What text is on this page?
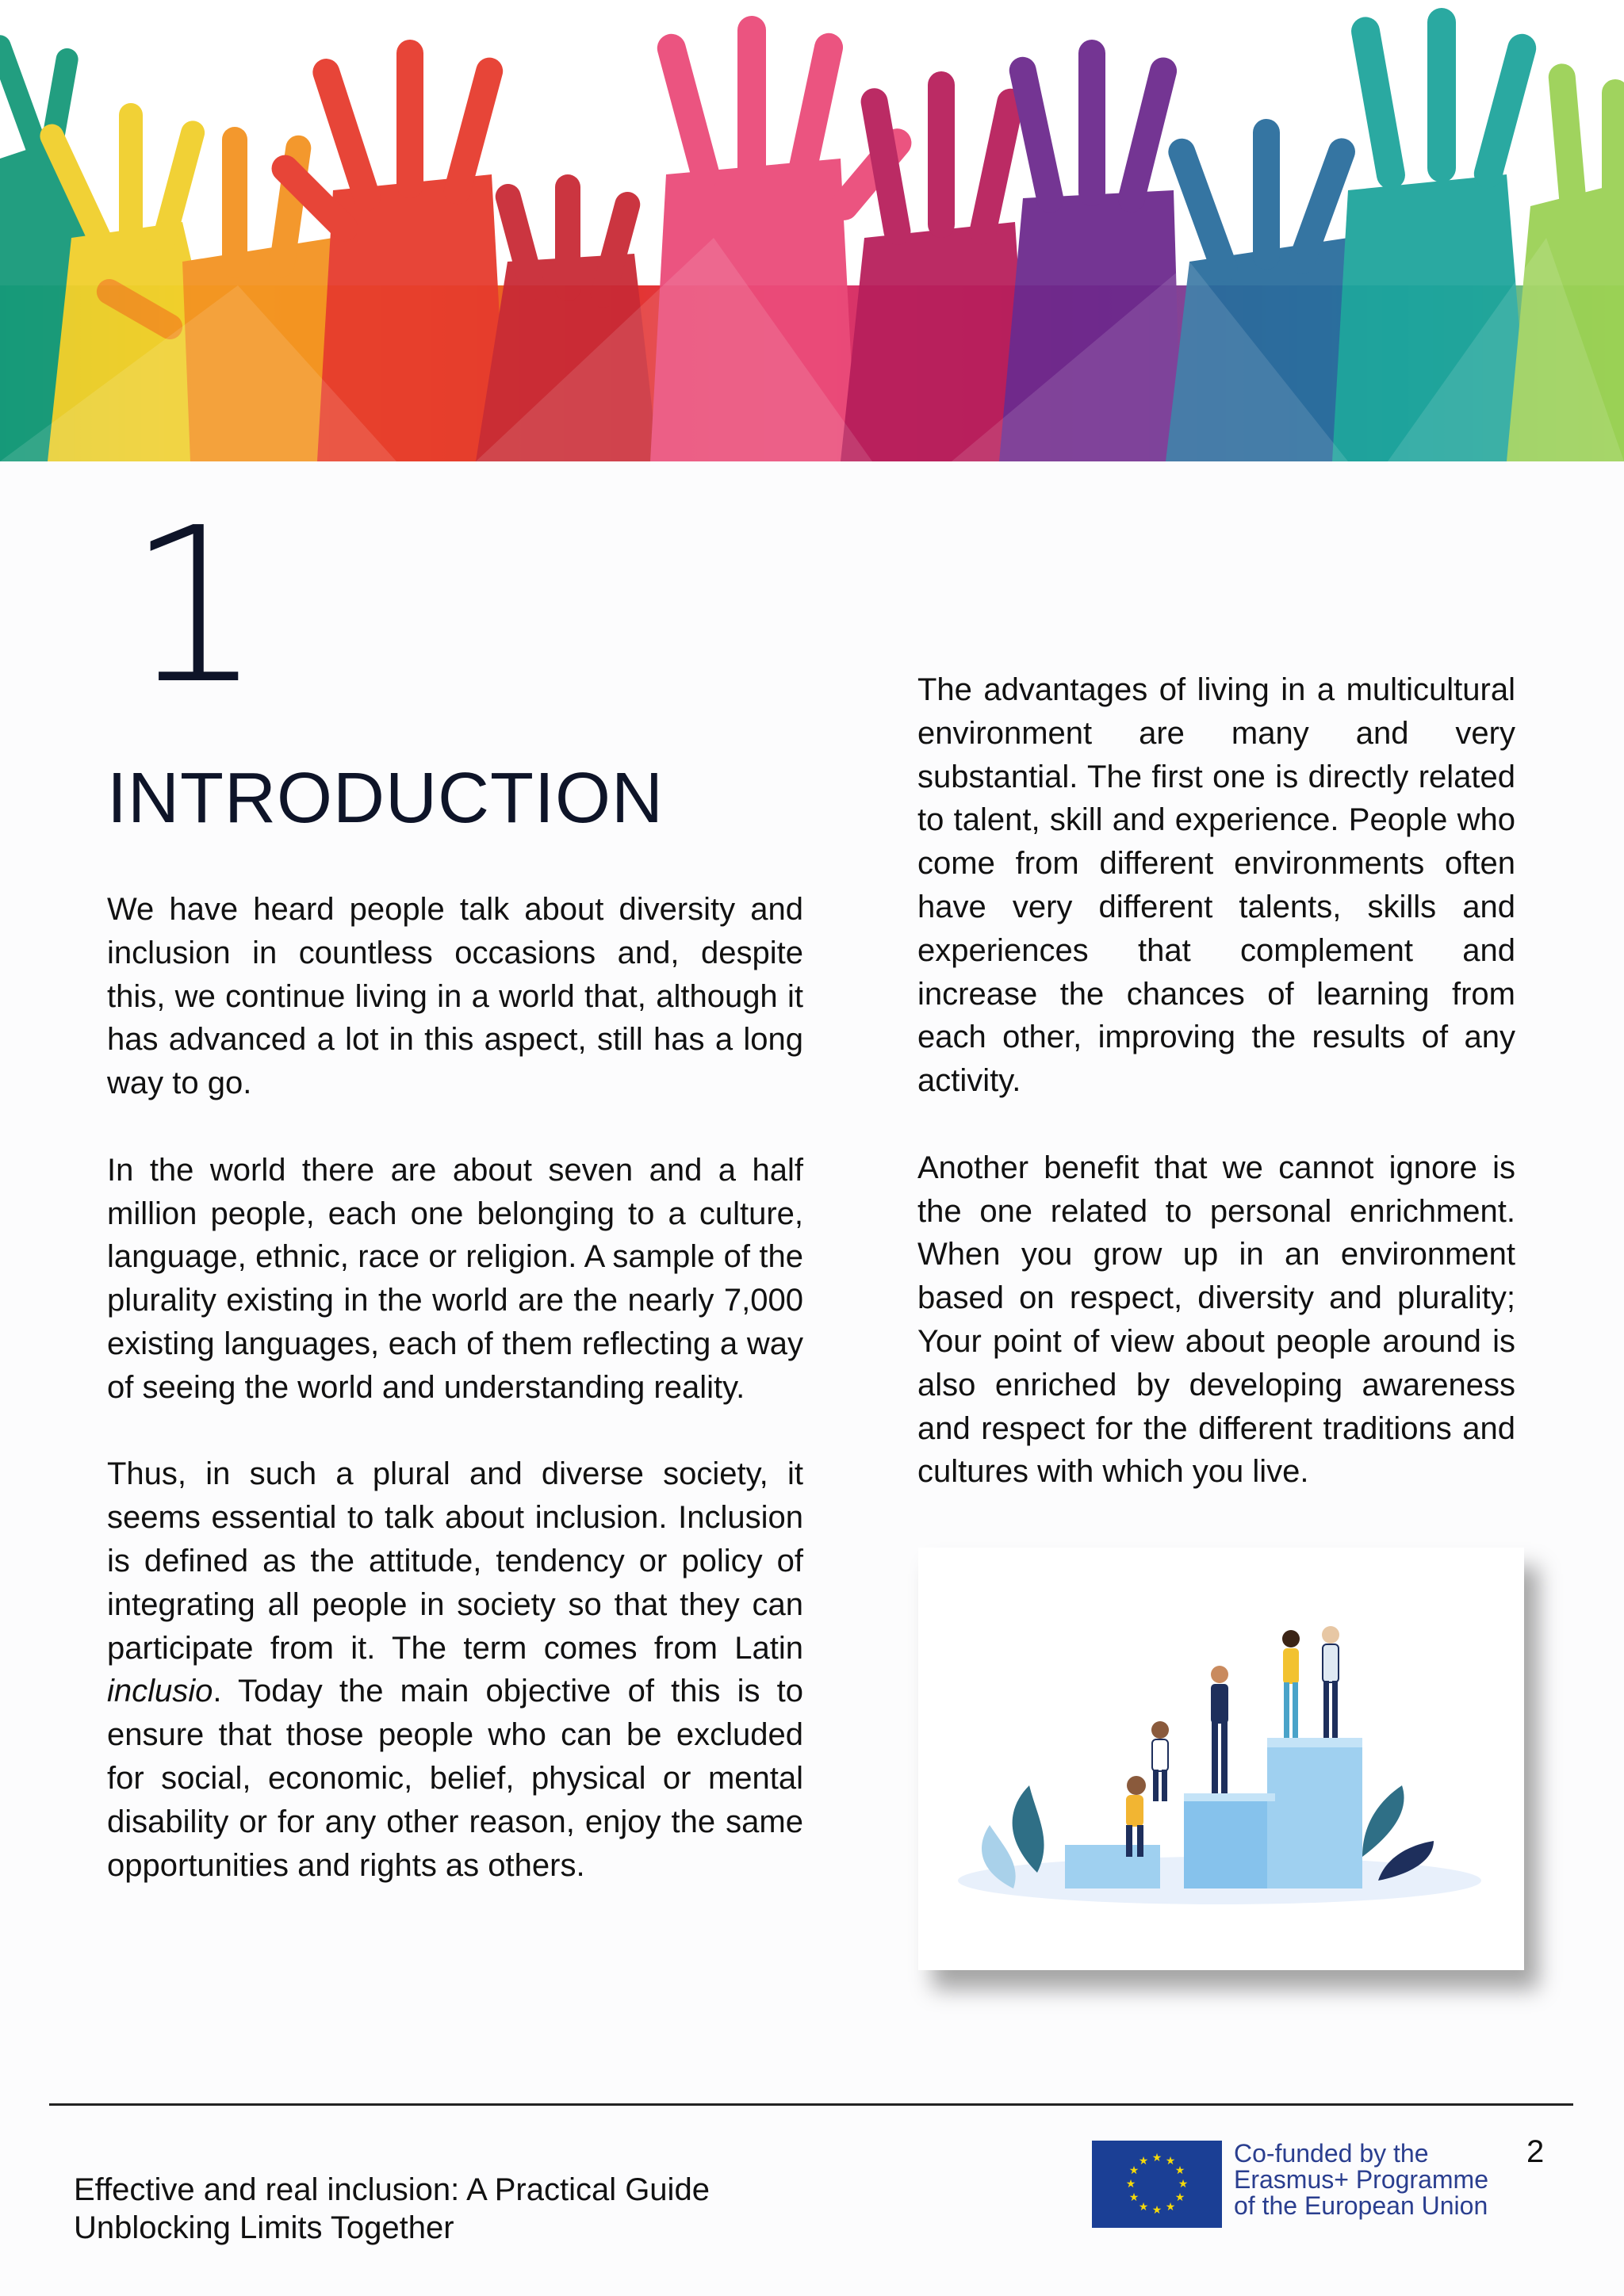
1
INTRODUCTION

We have heard people talk about diversity and inclusion in countless occasions and, despite this, we continue living in a world that, although it has advanced a lot in this aspect, still has a long way to go.

In the world there are about seven and a half million people, each one belonging to a culture, language, ethnic, race or religion. A sample of the plurality existing in the world are the nearly 7,000 existing languages, each of them reflecting a way of seeing the world and understanding reality.

Thus, in such a plural and diverse society, it seems essential to talk about inclusion. Inclusion is defined as the attitude, tendency or policy of integrating all people in society so that they can participate from it. The term comes from Latin inclusio. Today the main objective of this is to ensure that those people who can be excluded for social, economic, belief, physical or mental disability or for any other reason, enjoy the same opportunities and rights as others.

The advantages of living in a multicultural environment are many and very substantial. The first one is directly related to talent, skill and experience. People who come from different environments often have very different talents, skills and experiences that complement and increase the chances of learning from each other, improving the results of any activity.

Another benefit that we cannot ignore is the one related to personal enrichment. When you grow up in an environment based on respect, diversity and plurality; Your point of view about people around is also enriched by developing awareness and respect for the different traditions and cultures with which you live.

Effective and real inclusion: A Practical Guide
Unblocking Limits Together
2
★ ★
★
★
★
★
★
★
★
★
★
★	Co-funded by the
Erasmus+ Programme
of the European Union
